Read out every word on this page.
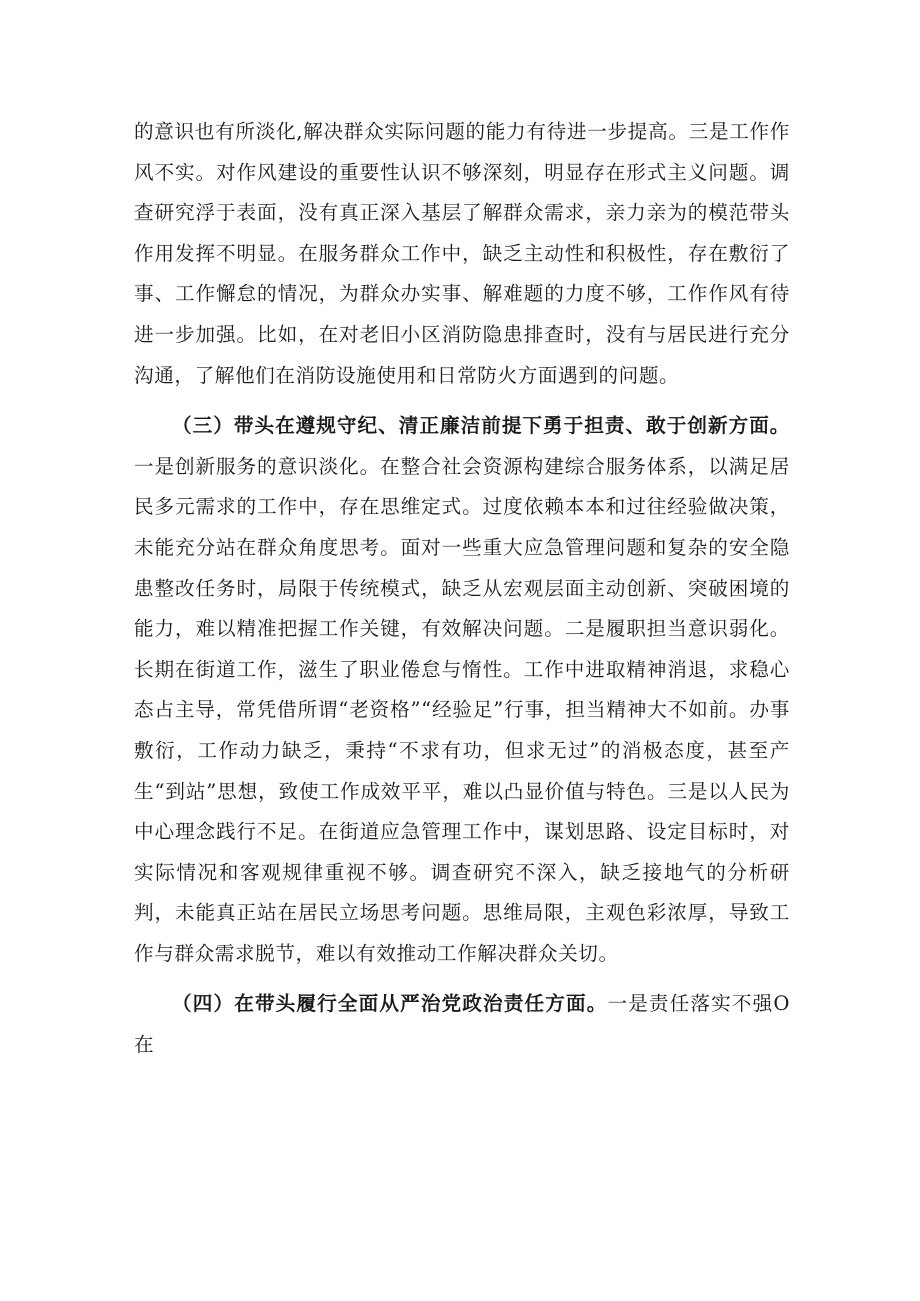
的意识也有所淡化,解决群众实际问题的能力有待进一步提高。三是工作作风不实。对作风建设的重要性认识不够深刻，明显存在形式主义问题。调查研究浮于表面，没有真正深入基层了解群众需求，亲力亲为的模范带头作用发挥不明显。在服务群众工作中，缺乏主动性和积极性，存在敷衍了事、工作懈怠的情况，为群众办实事、解难题的力度不够，工作作风有待进一步加强。比如，在对老旧小区消防隐患排查时，没有与居民进行充分沟通，了解他们在消防设施使用和日常防火方面遇到的问题。

（三）带头在遵规守纪、清正廉洁前提下勇于担责、敢于创新方面。一是创新服务的意识淡化。在整合社会资源构建综合服务体系，以满足居民多元需求的工作中，存在思维定式。过度依赖本本和过往经验做决策，未能充分站在群众角度思考。面对一些重大应急管理问题和复杂的安全隐患整改任务时，局限于传统模式，缺乏从宏观层面主动创新、突破困境的能力，难以精准把握工作关键，有效解决问题。二是履职担当意识弱化。长期在街道工作，滋生了职业倦怠与惰性。工作中进取精神消退，求稳心态占主导，常凭借所谓“老资格”“经验足”行事，担当精神大不如前。办事敷衍，工作动力缺乏，秉持“不求有功，但求无过”的消极态度，甚至产生“到站”思想，致使工作成效平平，难以凸显价值与特色。三是以人民为中心理念践行不足。在街道应急管理工作中，谋划思路、设定目标时，对实际情况和客观规律重视不够。调查研究不深入，缺乏接地气的分析研判，未能真正站在居民立场思考问题。思维局限，主观色彩浓厚，导致工作与群众需求脱节，难以有效推动工作解决群众关切。

（四）在带头履行全面从严治党政治责任方面。一是责任落实不强O在
